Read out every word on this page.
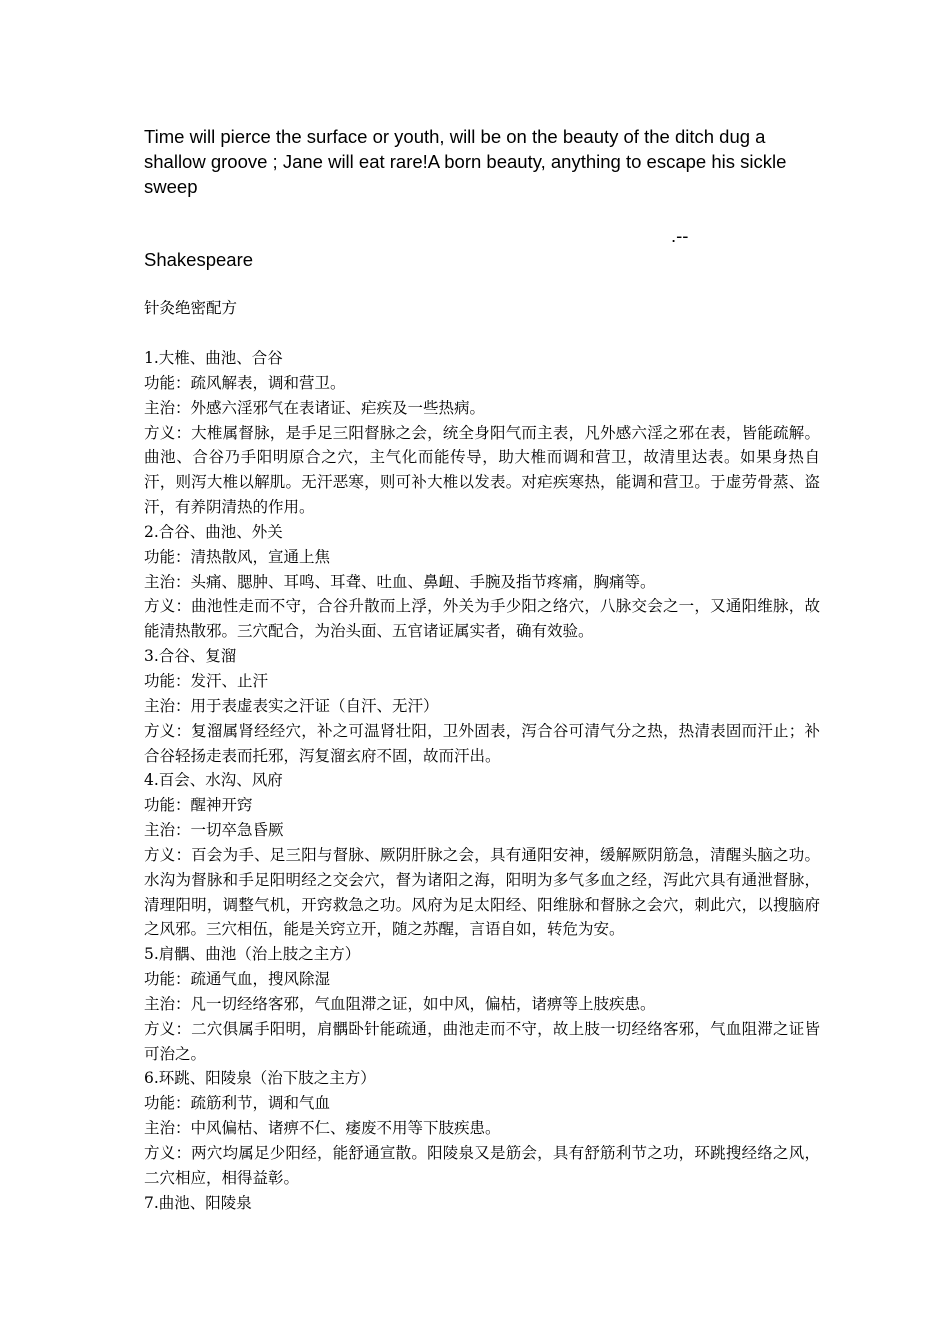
Time will pierce the surface or youth, will be on the beauty of the ditch dug a shallow groove ; Jane will eat rare!A born beauty, anything to escape his sickle sweep

.--
Shakespeare
针灸绝密配方

1.大椎、曲池、合谷

功能：疏风解表，调和营卫。

主治：外感六淫邪气在表诸证、疟疾及一些热病。

方义：大椎属督脉，是手足三阳督脉之会，统全身阳气而主表，凡外感六淫之邪在表，皆能疏解。曲池、合谷乃手阳明原合之穴，主气化而能传导，助大椎而调和营卫，故清里达表。如果身热自汗，则泻大椎以解肌。无汗恶寒，则可补大椎以发表。对疟疾寒热，能调和营卫。于虚劳骨蒸、盗汗，有养阴清热的作用。

2.合谷、曲池、外关

功能：清热散风，宣通上焦

主治：头痛、腮肿、耳鸣、耳聋、吐血、鼻衄、手腕及指节疼痛，胸痛等。

方义：曲池性走而不守，合谷升散而上浮，外关为手少阳之络穴，八脉交会之一，又通阳维脉，故能清热散邪。三穴配合，为治头面、五官诸证属实者，确有效验。

3.合谷、复溜

功能：发汗、止汗

主治：用于表虚表实之汗证（自汗、无汗）

方义：复溜属肾经经穴，补之可温肾壮阳，卫外固表，泻合谷可清气分之热，热清表固而汗止；补合谷轻扬走表而托邪，泻复溜玄府不固，故而汗出。

4.百会、水沟、风府

功能：醒神开窍

主治：一切卒急昏厥

方义：百会为手、足三阳与督脉、厥阴肝脉之会，具有通阳安神，缓解厥阴筋急，清醒头脑之功。水沟为督脉和手足阳明经之交会穴，督为诸阳之海，阳明为多气多血之经，泻此穴具有通泄督脉，清理阳明，调整气机，开窍救急之功。风府为足太阳经、阳维脉和督脉之会穴，刺此穴，以搜脑府之风邪。三穴相伍，能是关窍立开，随之苏醒，言语自如，转危为安。

5.肩髃、曲池（治上肢之主方）

功能：疏通气血，搜风除湿

主治：凡一切经络客邪，气血阻滞之证，如中风，偏枯，诸痹等上肢疾患。

方义：二穴俱属手阳明，肩髃卧针能疏通，曲池走而不守，故上肢一切经络客邪，气血阻滞之证皆可治之。

6.环跳、阳陵泉（治下肢之主方）

功能：疏筋利节，调和气血

主治：中风偏枯、诸痹不仁、痿废不用等下肢疾患。

方义：两穴均属足少阳经，能舒通宣散。阳陵泉又是筋会，具有舒筋利节之功，环跳搜经络之风，二穴相应，相得益彰。

7.曲池、阳陵泉
